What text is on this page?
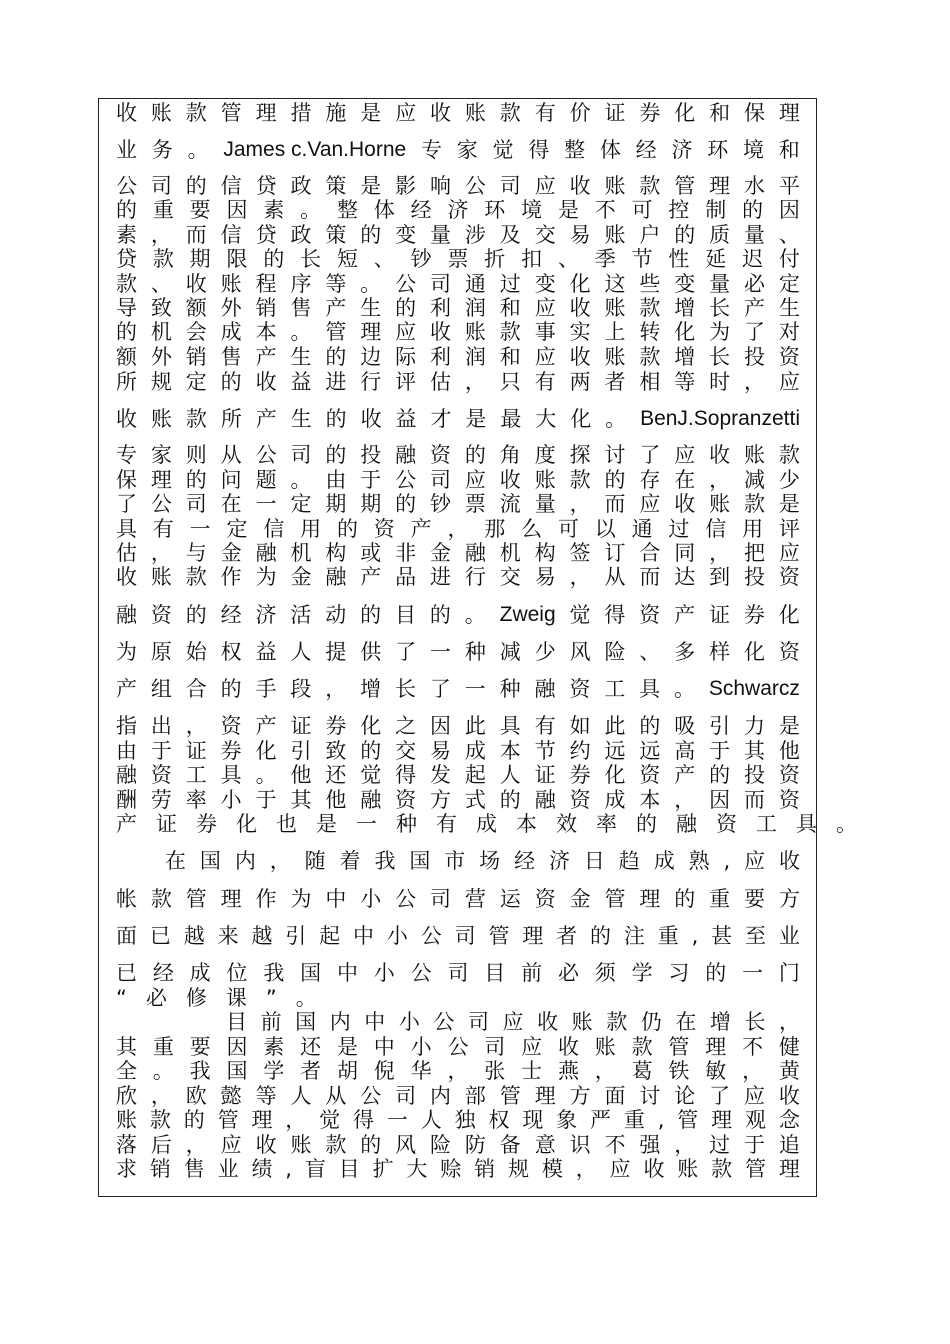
收 账 款 管 理 措 施 是 应 收 账 款 有 价 证 券 化 和 保 理
业 务 。 James c.Van.Horne 专 家 觉 得 整 体 经 济 环 境 和
公 司 的 信 贷 政 策 是 影 响 公 司 应 收 账 款 管 理 水 平
的 重 要 因 素 。 整 体 经 济 环 境 是 不 可 控 制 的 因
素 ， 而 信 贷 政 策 的 变 量 涉 及 交 易 账 户 的 质 量 、
贷 款 期 限 的 长 短 、 钞 票 折 扣 、 季 节 性 延 迟 付
款 、 收 账 程 序 等 。 公 司 通 过 变 化 这 些 变 量 必 定
导 致 额 外 销 售 产 生 的 利 润 和 应 收 账 款 增 长 产 生
的 机 会 成 本 。 管 理 应 收 账 款 事 实 上 转 化 为 了 对
额 外 销 售 产 生 的 边 际 利 润 和 应 收 账 款 增 长 投 资
所 规 定 的 收 益 进 行 评 估 ， 只 有 两 者 相 等 时 ， 应
收 账 款 所 产 生 的 收 益 才 是 最 大 化 。 BenJ.Sopranzetti
专 家 则 从 公 司 的 投 融 资 的 角 度 探 讨 了 应 收 账 款
保 理 的 问 题 。 由 于 公 司 应 收 账 款 的 存 在 ， 减 少
了 公 司 在 一 定 期 期 的 钞 票 流 量 ， 而 应 收 账 款 是
具 有 一 定 信 用 的 资 产 ， 那 么 可 以 通 过 信 用 评
估 ， 与 金 融 机 构 或 非 金 融 机 构 签 订 合 同 ， 把 应
收 账 款 作 为 金 融 产 品 进 行 交 易 ， 从 而 达 到 投 资
融 资 的 经 济 活 动 的 目 的 。 Zweig 觉 得 资 产 证 券 化
为 原 始 权 益 人 提 供 了 一 种 减 少 风 险 、 多 样 化 资
产 组 合 的 手 段 ， 增 长 了 一 种 融 资 工 具 。 Schwarcz
指 出 ， 资 产 证 券 化 之 因 此 具 有 如 此 的 吸 引 力 是
由 于 证 券 化 引 致 的 交 易 成 本 节 约 远 远 高 于 其 他
融 资 工 具 。 他 还 觉 得 发 起 人 证 券 化 资 产 的 投 资
酬 劳 率 小 于 其 他 融 资 方 式 的 融 资 成 本 ， 因 而 资
产 证 券 化 也 是 一 种 有 成 本 效 率 的 融 资 工 具 。
在 国 内 ， 随 着 我 国 市 场 经 济 日 趋 成 熟 , 应 收
帐 款 管 理 作 为 中 小 公 司 营 运 资 金 管 理 的 重 要 方
面 已 越 来 越 引 起 中 小 公 司 管 理 者 的 注 重 , 甚 至 业
已 经 成 位 我 国 中 小 公 司 目 前 必 须 学 习 的 一 门
“ 必 修 课 ” 。
目 前 国 内 中 小 公 司 应 收 账 款 仍 在 增 长 ，
其 重 要 因 素 还 是 中 小 公 司 应 收 账 款 管 理 不 健
全 。 我 国 学 者 胡 倪 华 ， 张 士 燕 ， 葛 铁 敏 ， 黄
欣 ， 欧 懿 等 人 从 公 司 内 部 管 理 方 面 讨 论 了 应 收
账 款 的 管 理 ， 觉 得 一 人 独 权 现 象 严 重 , 管 理 观 念
落 后 ， 应 收 账 款 的 风 险 防 备 意 识 不 强 ， 过 于 追
求 销 售 业 绩 , 盲 目 扩 大 赊 销 规 模 ， 应 收 账 款 管 理
